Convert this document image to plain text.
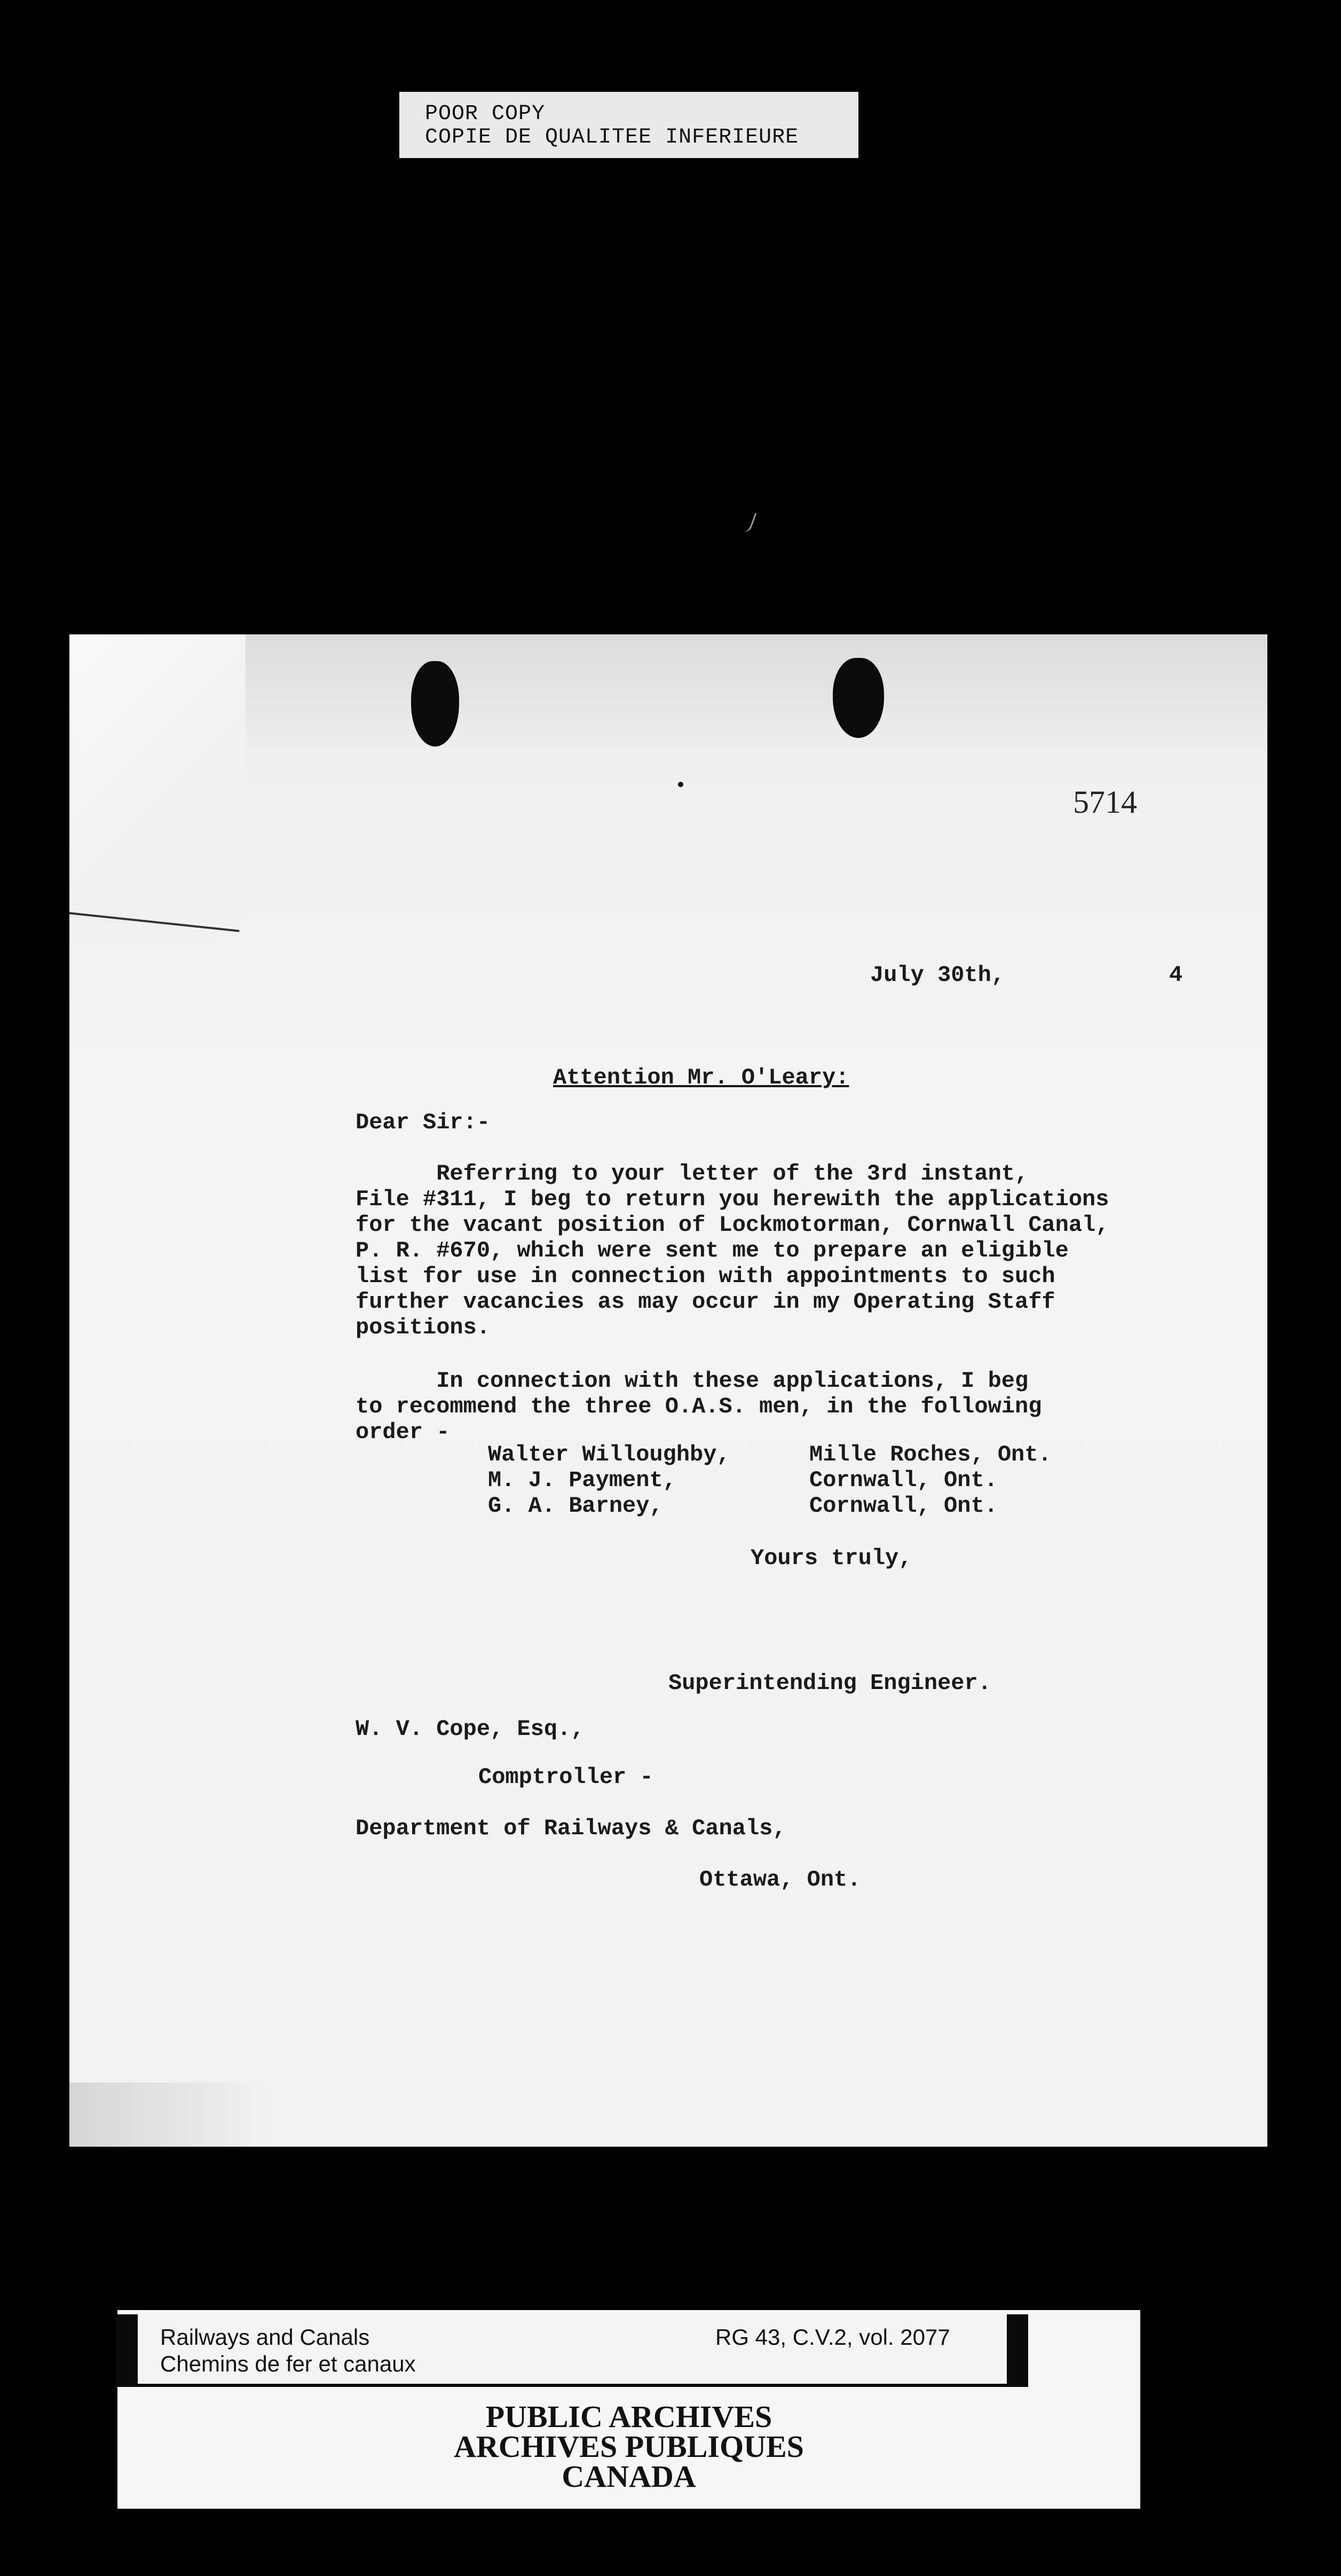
POOR COPY
COPIE DE QUALITEE INFERIEURE
5714
July 30th,	4
Attention Mr. O'Leary:
Dear Sir:-
Referring to your letter of the 3rd instant,
File #311, I beg to return you herewith the applications
for the vacant position of Lockmotorman, Cornwall Canal,
P. R. #670, which were sent me to prepare an eligible
list for use in connection with appointments to such
further vacancies as may occur in my Operating Staff
positions.
In connection with these applications, I beg
to recommend the three O.A.S. men, in the following
order -
Walter Willoughby,
M. J. Payment,
G. A. Barney,
Mille Roches, Ont.
Cornwall, Ont.
Cornwall, Ont.
Yours truly,
Superintending Engineer.
W. V. Cope, Esq.,
Comptroller -
Department of Railways & Canals,
Ottawa, Ont.
Railways and Canals
Chemins de fer et canaux
RG 43, C.V.2, vol. 2077
PUBLIC ARCHIVES
ARCHIVES PUBLIQUES
CANADA
